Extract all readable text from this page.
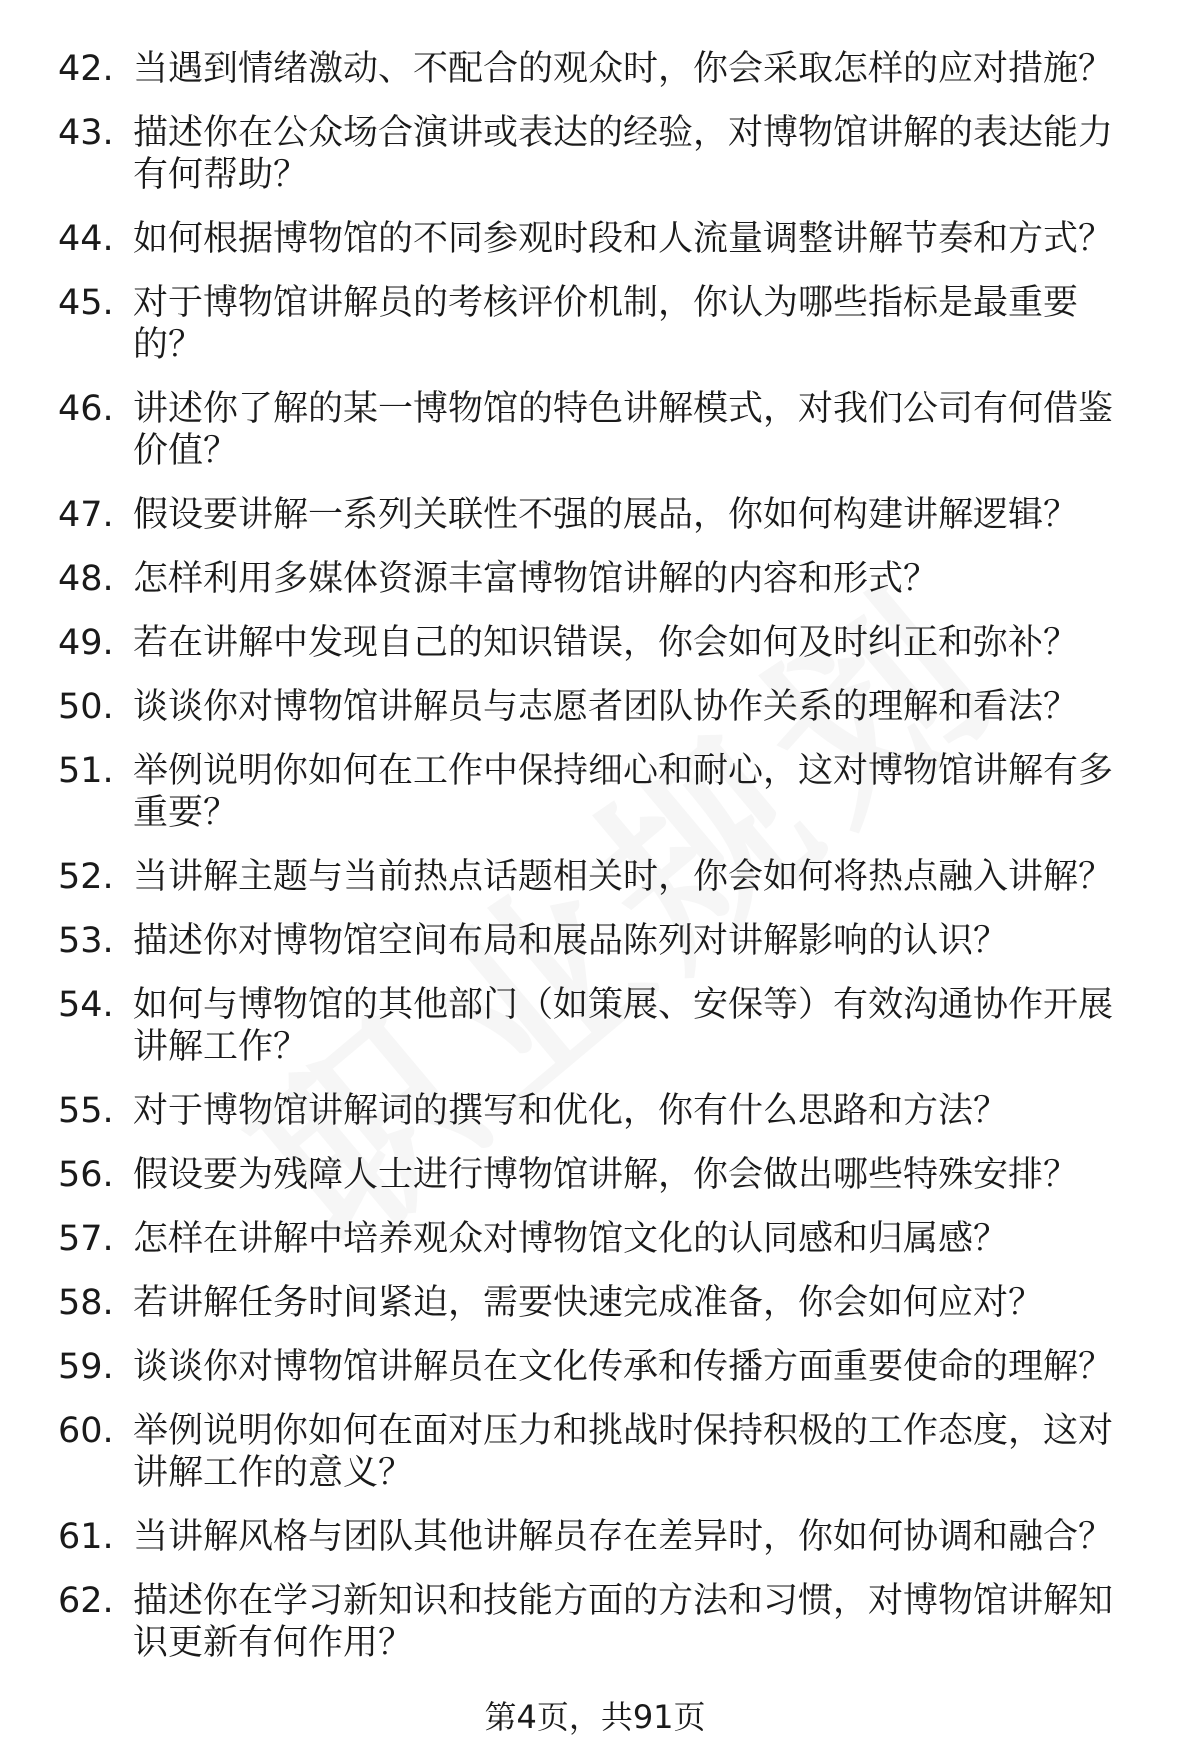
42. 当遇到情绪激动、不配合的观众时，你会采取怎样的应对措施？
43. 描述你在公众场合演讲或表达的经验，对博物馆讲解的表达能力
有何帮助？
44. 如何根据博物馆的不同参观时段和人流量调整讲解节奏和方式？
45. 对于博物馆讲解员的考核评价机制，你认为哪些指标是最重要
的？
46. 讲述你了解的某一博物馆的特色讲解模式，对我们公司有何借鉴
价值？
47. 假设要讲解一系列关联性不强的展品，你如何构建讲解逻辑？
48. 怎样利用多媒体资源丰富博物馆讲解的内容和形式？
49. 若在讲解中发现自己的知识错误，你会如何及时纠正和弥补？
50. 谈谈你对博物馆讲解员与志愿者团队协作关系的理解和看法？
51. 举例说明你如何在工作中保持细心和耐心，这对博物馆讲解有多
重要？
52. 当讲解主题与当前热点话题相关时，你会如何将热点融入讲解？
53. 描述你对博物馆空间布局和展品陈列对讲解影响的认识？
54. 如何与博物馆的其他部门（如策展、安保等）有效沟通协作开展
讲解工作？
55. 对于博物馆讲解词的撰写和优化，你有什么思路和方法？
56. 假设要为残障人士进行博物馆讲解，你会做出哪些特殊安排？
57. 怎样在讲解中培养观众对博物馆文化的认同感和归属感？
58. 若讲解任务时间紧迫，需要快速完成准备，你会如何应对？
59. 谈谈你对博物馆讲解员在文化传承和传播方面重要使命的理解？
60. 举例说明你如何在面对压力和挑战时保持积极的工作态度，这对
讲解工作的意义？
61. 当讲解风格与团队其他讲解员存在差异时，你如何协调和融合？
62. 描述你在学习新知识和技能方面的方法和习惯，对博物馆讲解知
识更新有何作用？
第4页，共91页
